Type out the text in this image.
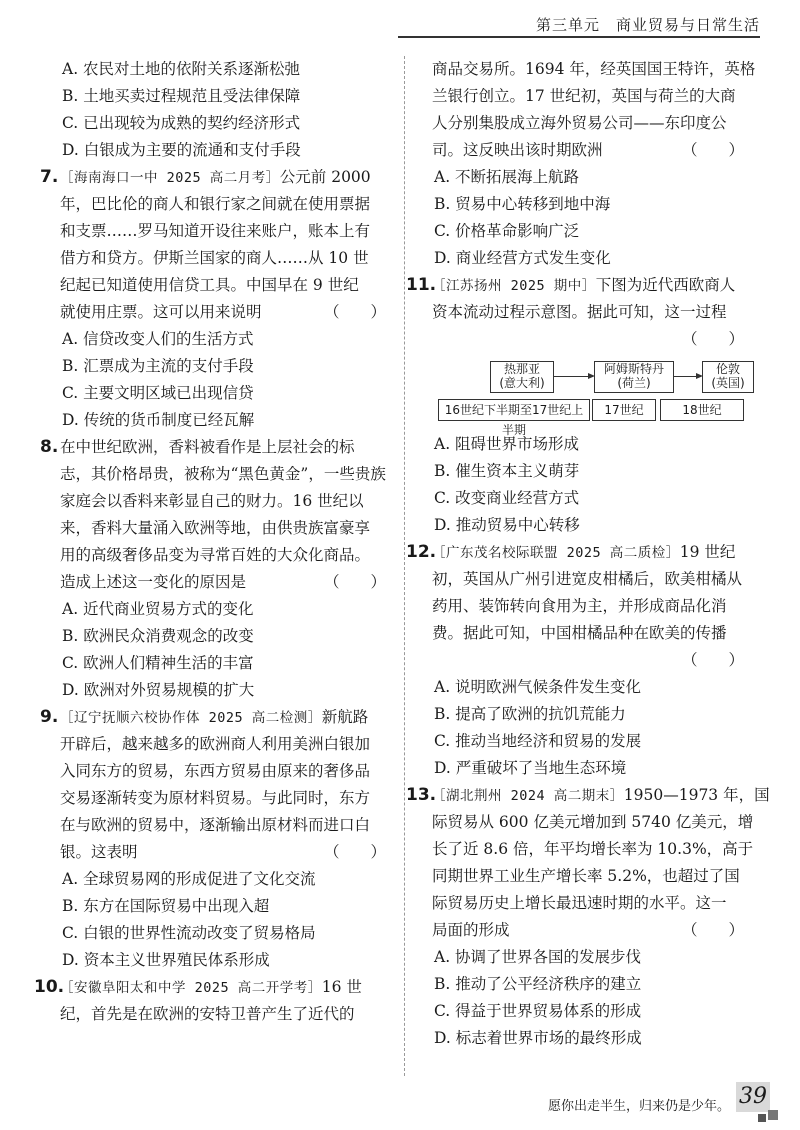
第三单元　 商业贸易与日常生活
A. 农民对土地的依附关系逐渐松弛
B. 土地买卖过程规范且受法律保障
C. 已出现较为成熟的契约经济形式
D. 白银成为主要的流通和支付手段
7. ［海南海口一中 2025 高二月考］公元前 2000
年，巴比伦的商人和银行家之间就在使用票据
和支票……罗马知道开设往来账户，账本上有
借方和贷方。伊斯兰国家的商人……从 10 世
纪起已知道使用信贷工具。中国早在 9 世纪
就使用庄票。这可以用来说明	（　　）
A. 信贷改变人们的生活方式
B. 汇票成为主流的支付手段
C. 主要文明区域已出现信贷
D. 传统的货币制度已经瓦解
8. 在中世纪欧洲，香料被看作是上层社会的标
志，其价格昂贵，被称为“黑色黄金”，一些贵族
家庭会以香料来彰显自己的财力。16 世纪以
来，香料大量涌入欧洲等地，由供贵族富豪享
用的高级奢侈品变为寻常百姓的大众化商品。
造成上述这一变化的原因是	（　　）
A. 近代商业贸易方式的变化
B. 欧洲民众消费观念的改变
C. 欧洲人们精神生活的丰富
D. 欧洲对外贸易规模的扩大
9. ［辽宁抚顺六校协作体 2025 高二检测］新航路
开辟后，越来越多的欧洲商人利用美洲白银加
入同东方的贸易，东西方贸易由原来的奢侈品
交易逐渐转变为原材料贸易。与此同时，东方
在与欧洲的贸易中，逐渐输出原材料而进口白
银。这表明	（　　）
A. 全球贸易网的形成促进了文化交流
B. 东方在国际贸易中出现入超
C. 白银的世界性流动改变了贸易格局
D. 资本主义世界殖民体系形成
10.［安徽阜阳太和中学 2025 高二开学考］16 世
纪，首先是在欧洲的安特卫普产生了近代的
商品交易所。1694 年，经英国国王特许，英格
兰银行创立。17 世纪初，英国与荷兰的大商
人分别集股成立海外贸易公司——东印度公
司。这反映出该时期欧洲	（　　）
A. 不断拓展海上航路
B. 贸易中心转移到地中海
C. 价格革命影响广泛
D. 商业经营方式发生变化
11.［江苏扬州 2025 期中］下图为近代西欧商人
资本流动过程示意图。据此可知，这一过程
（　　）
热那亚
(意大利)
阿姆斯特丹
(荷兰)
伦敦
(英国)
16世纪下半期至17世纪上半期
17世纪	18世纪
A. 阻碍世界市场形成
B. 催生资本主义萌芽
C. 改变商业经营方式
D. 推动贸易中心转移
12.［广东茂名校际联盟 2025 高二质检］19 世纪
初，英国从广州引进宽皮柑橘后，欧美柑橘从
药用、装饰转向食用为主，并形成商品化消
费。据此可知，中国柑橘品种在欧美的传播
（　　）
A. 说明欧洲气候条件发生变化
B. 提高了欧洲的抗饥荒能力
C. 推动当地经济和贸易的发展
D. 严重破坏了当地生态环境
13.［湖北荆州 2024 高二期末］1950—1973 年，国
际贸易从 600 亿美元增加到 5740 亿美元，增
长了近 8.6 倍，年平均增长率为 10.3%，高于
同期世界工业生产增长率 5.2%，也超过了国
际贸易历史上增长最迅速时期的水平。这一
局面的形成	（　　）
A. 协调了世界各国的发展步伐
B. 推动了公平经济秩序的建立
C. 得益于世界贸易体系的形成
D. 标志着世界市场的最终形成
愿你出走半生，归来仍是少年。 39
